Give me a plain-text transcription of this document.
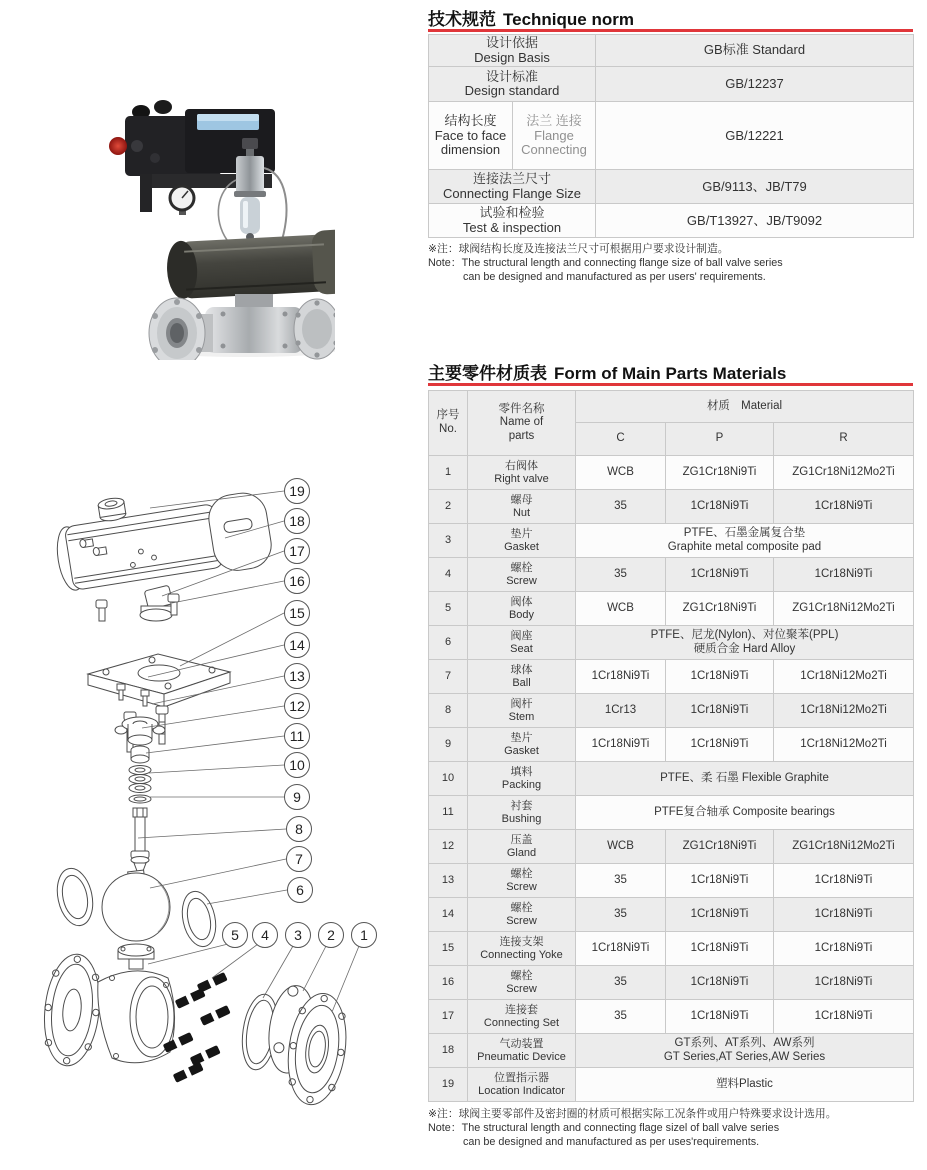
19
18
17
16
15
14
13
12
11
10
9
8
7
6
5 4 3 2 1
技术规范 Technique norm
设计依据
Design Basis		GB标准 Standard

设计标准
Design standard		GB/12237

结构长度
Face to face dimension	法兰 连接
Flange Connecting	GB/12221

连接法兰尺寸
Connecting Flange Size		GB/9113、JB/T79

试验和检验
Test & inspection		GB/T13927、JB/T9092
※注：球阀结构长度及连接法兰尺寸可根据用户要求设计制造。
Note：The structural length and connecting flange size of ball valve series
can be designed and manufactured as per users' requirements.
主要零件材质表 Form of Main Parts Materials
序号
No.	零件名称
Name of parts	材质 Material		
		C	P	R
1	右阀体
Right valve	WCB	ZG1Cr18Ni9Ti	ZG1Cr18Ni12Mo2Ti
2	螺母
Nut	35	1Cr18Ni9Ti	1Cr18Ni9Ti
3	垫片
Gasket	PTFE、石墨金属复合垫
Graphite metal composite pad		

4	螺栓
Screw	35	1Cr18Ni9Ti	1Cr18Ni9Ti
5	阀体
Body	WCB	ZG1Cr18Ni9Ti	ZG1Cr18Ni12Mo2Ti
6	阀座
Seat	PTFE、尼龙(Nylon)、对位聚苯(PPL)
硬质合金 Hard Alloy		

7	球体
Ball	1Cr18Ni9Ti	1Cr18Ni9Ti	1Cr18Ni12Mo2Ti
8	阀杆
Stem	1Cr13	1Cr18Ni9Ti	1Cr18Ni12Mo2Ti
9	垫片
Gasket	1Cr18Ni9Ti	1Cr18Ni9Ti	1Cr18Ni12Mo2Ti
10	填料
Packing	PTFE、柔 石墨 Flexible Graphite		

11	衬套
Bushing	PTFE复合轴承 Composite bearings		

12	压盖
Gland	WCB	ZG1Cr18Ni9Ti	ZG1Cr18Ni12Mo2Ti
13	螺栓
Screw	35	1Cr18Ni9Ti	1Cr18Ni9Ti
14	螺栓
Screw	35	1Cr18Ni9Ti	1Cr18Ni9Ti
15	连接支架
Connecting Yoke	1Cr18Ni9Ti	1Cr18Ni9Ti	1Cr18Ni9Ti
16	螺栓
Screw	35	1Cr18Ni9Ti	1Cr18Ni9Ti
17	连接套
Connecting Set	35	1Cr18Ni9Ti	1Cr18Ni9Ti
18	气动装置
Pneumatic Device	GT系列、AT系列、AW系列
GT Series,AT Series,AW Series		

19	位置指示器
Location Indicator	塑料Plastic		
※注：球阀主要零部件及密封圈的材质可根据实际工况条件或用户特殊要求设计选用。
Note：The structural length and connecting flage sizel of ball valve series
can be designed and manufactured as per uses'requirements.
